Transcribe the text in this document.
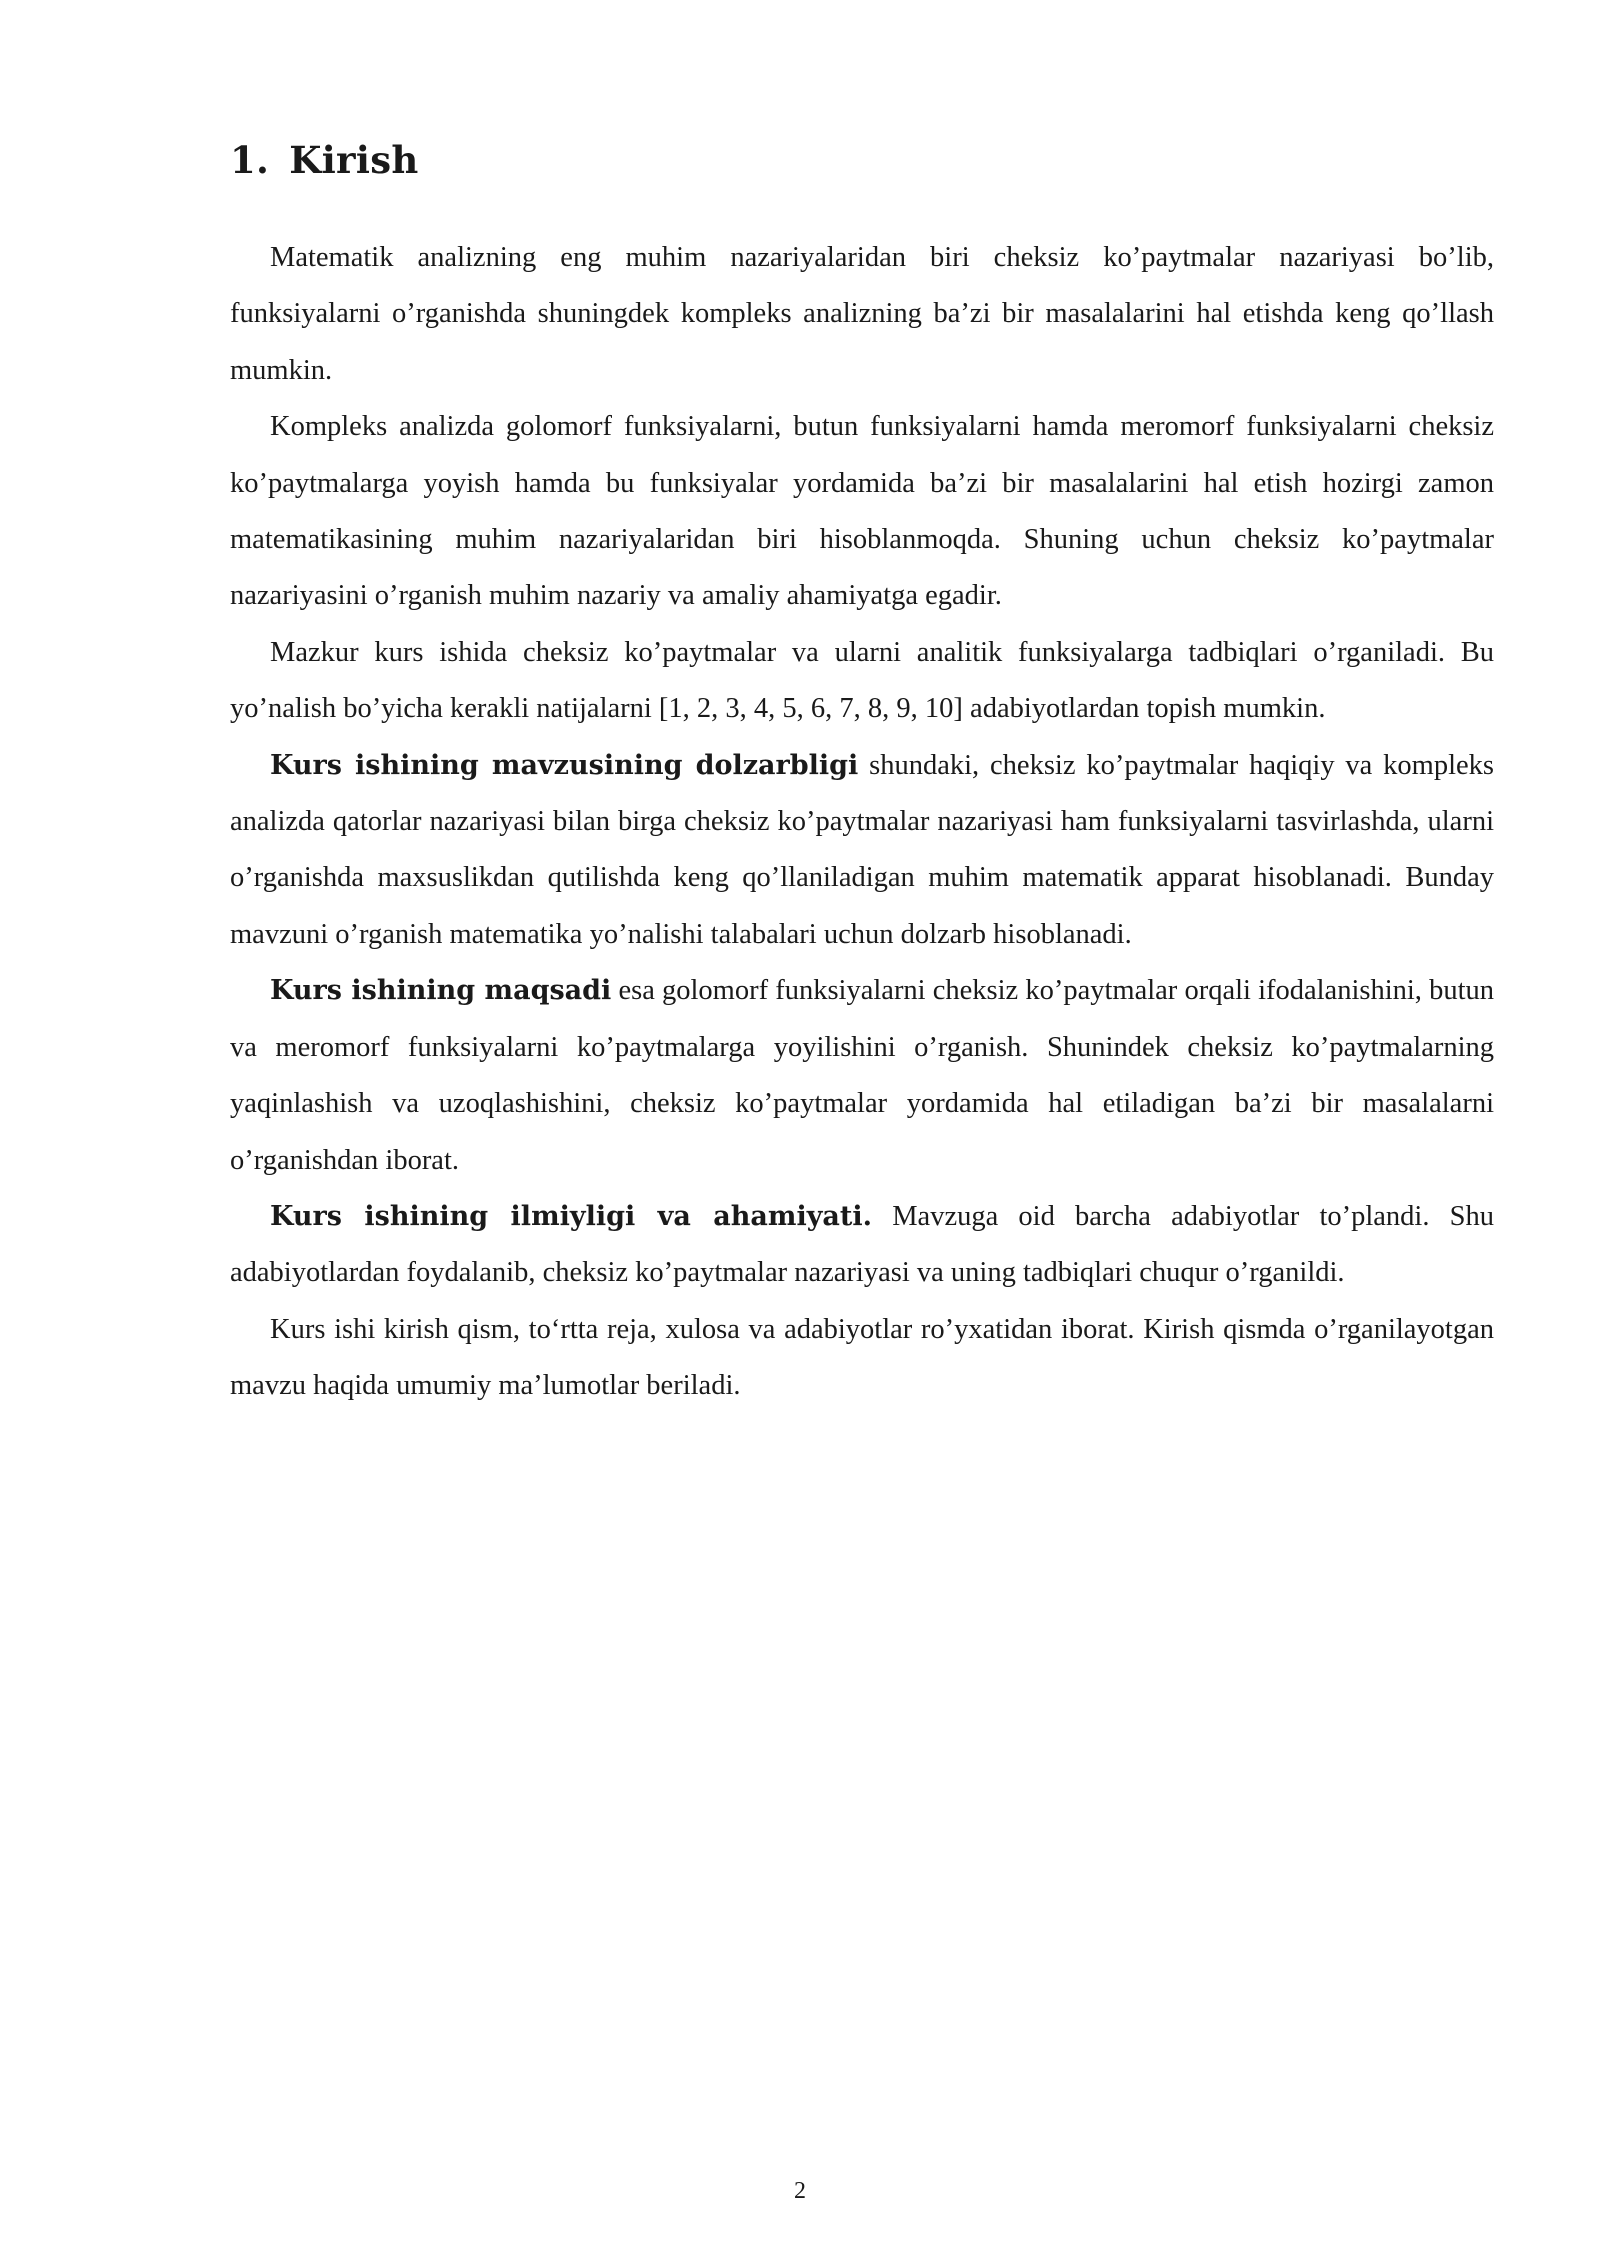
1. Kirish

Matematik analizning eng muhim nazariyalaridan biri cheksiz ko’paytmalar nazariyasi bo’lib, funksiyalarni o’rganishda shuningdek kompleks analizning ba’zi bir masalalarini hal etishda keng qo’llash mumkin.

Kompleks analizda golomorf funksiyalarni, butun funksiyalarni hamda meromorf funksiyalarni cheksiz ko’paytmalarga yoyish hamda bu funksiyalar yordamida ba’zi bir masalalarini hal etish hozirgi zamon matematikasining muhim nazariyalaridan biri hisoblanmoqda. Shuning uchun cheksiz ko’paytmalar nazariyasini o’rganish muhim nazariy va amaliy ahamiyatga egadir.

Mazkur kurs ishida cheksiz ko’paytmalar va ularni analitik funksiyalarga tadbiqlari o’rganiladi. Bu yo’nalish bo’yicha kerakli natijalarni [1, 2, 3, 4, 5, 6, 7, 8, 9, 10] adabiyotlardan topish mumkin.

Kurs ishining mavzusining dolzarbligi shundaki, cheksiz ko’paytmalar haqiqiy va kompleks analizda qatorlar nazariyasi bilan birga cheksiz ko’paytmalar nazariyasi ham funksiyalarni tasvirlashda, ularni o’rganishda maxsuslikdan qutilishda keng qo’llaniladigan muhim matematik apparat hisoblanadi. Bunday mavzuni o’rganish matematika yo’nalishi talabalari uchun dolzarb hisoblanadi.

Kurs ishining maqsadi esa golomorf funksiyalarni cheksiz ko’paytmalar orqali ifodalanishini, butun va meromorf funksiyalarni ko’paytmalarga yoyilishini o’rganish. Shunindek cheksiz ko’paytmalarning yaqinlashish va uzoqlashishini, cheksiz ko’paytmalar yordamida hal etiladigan ba’zi bir masalalarni o’rganishdan iborat.

Kurs ishining ilmiyligi va ahamiyati. Mavzuga oid barcha adabiyotlar to’plandi. Shu adabiyotlardan foydalanib, cheksiz ko’paytmalar nazariyasi va uning tadbiqlari chuqur o’rganildi.

Kurs ishi kirish qism, to‘rtta reja, xulosa va adabiyotlar ro’yxatidan iborat. Kirish qismda o’rganilayotgan mavzu haqida umumiy ma’lumotlar beriladi.

2
